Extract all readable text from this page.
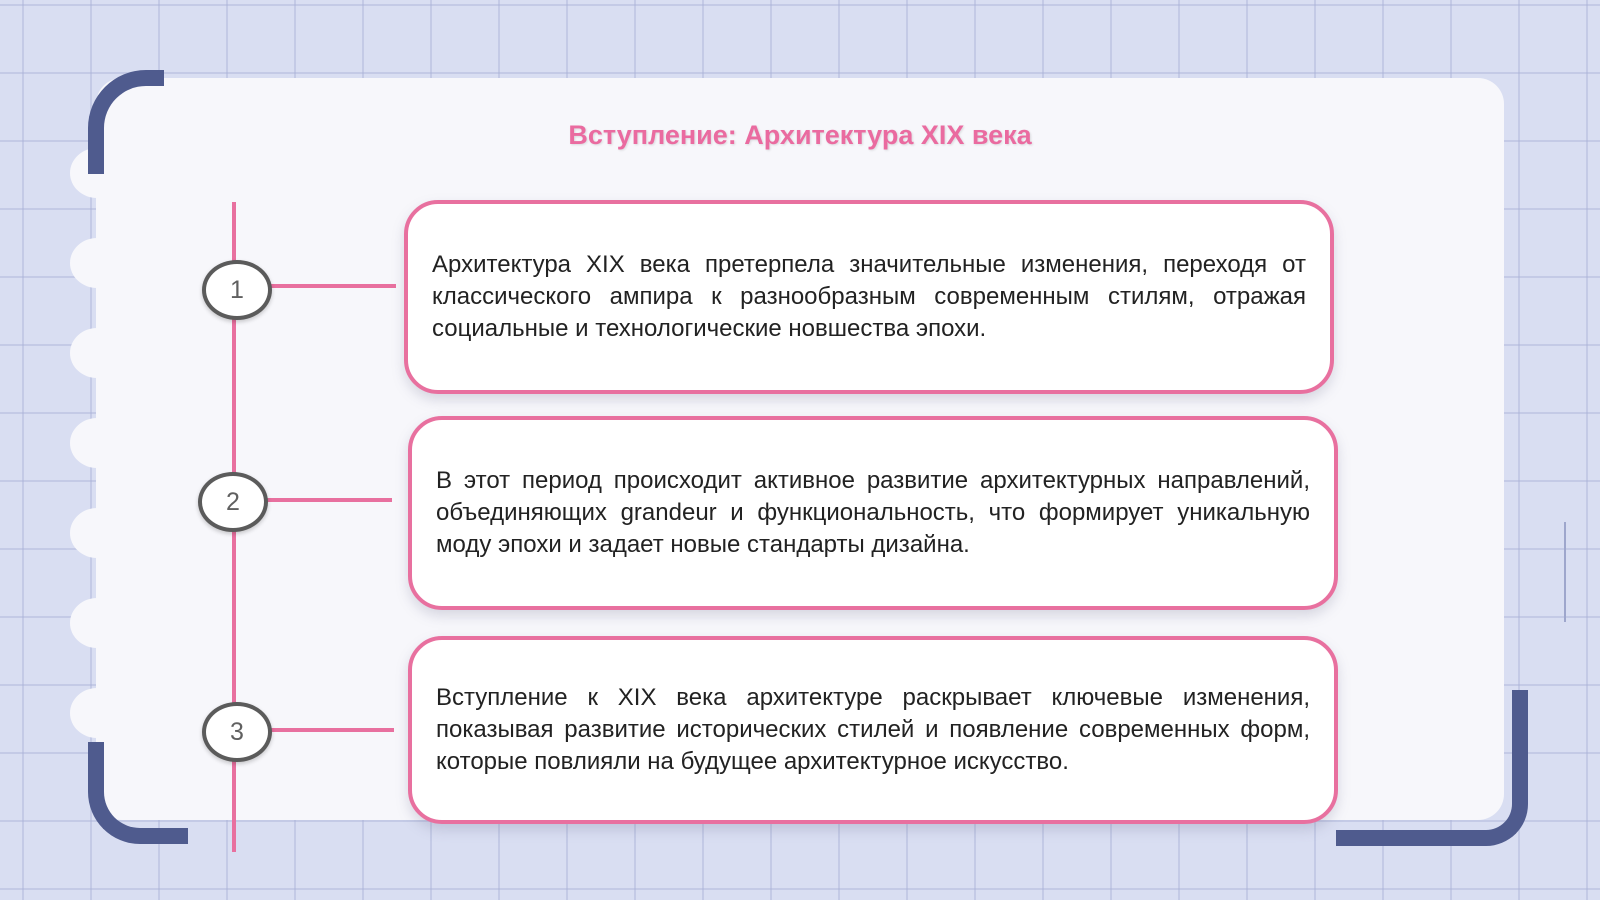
Вступление: Архитектура XIX века
1
2
3
Архитектура XIX века претерпела значительные изменения, переходя от классического ампира к разнообразным современным стилям, отражая социальные и технологические новшества эпохи.
В этот период происходит активное развитие архитектурных направлений, объединяющих grandeur и функциональность, что формирует уникальную моду эпохи и задает новые стандарты дизайна.
Вступление к XIX века архитектуре раскрывает ключевые изменения, показывая развитие исторических стилей и появление современных форм, которые повлияли на будущее архитектурное искусство.
